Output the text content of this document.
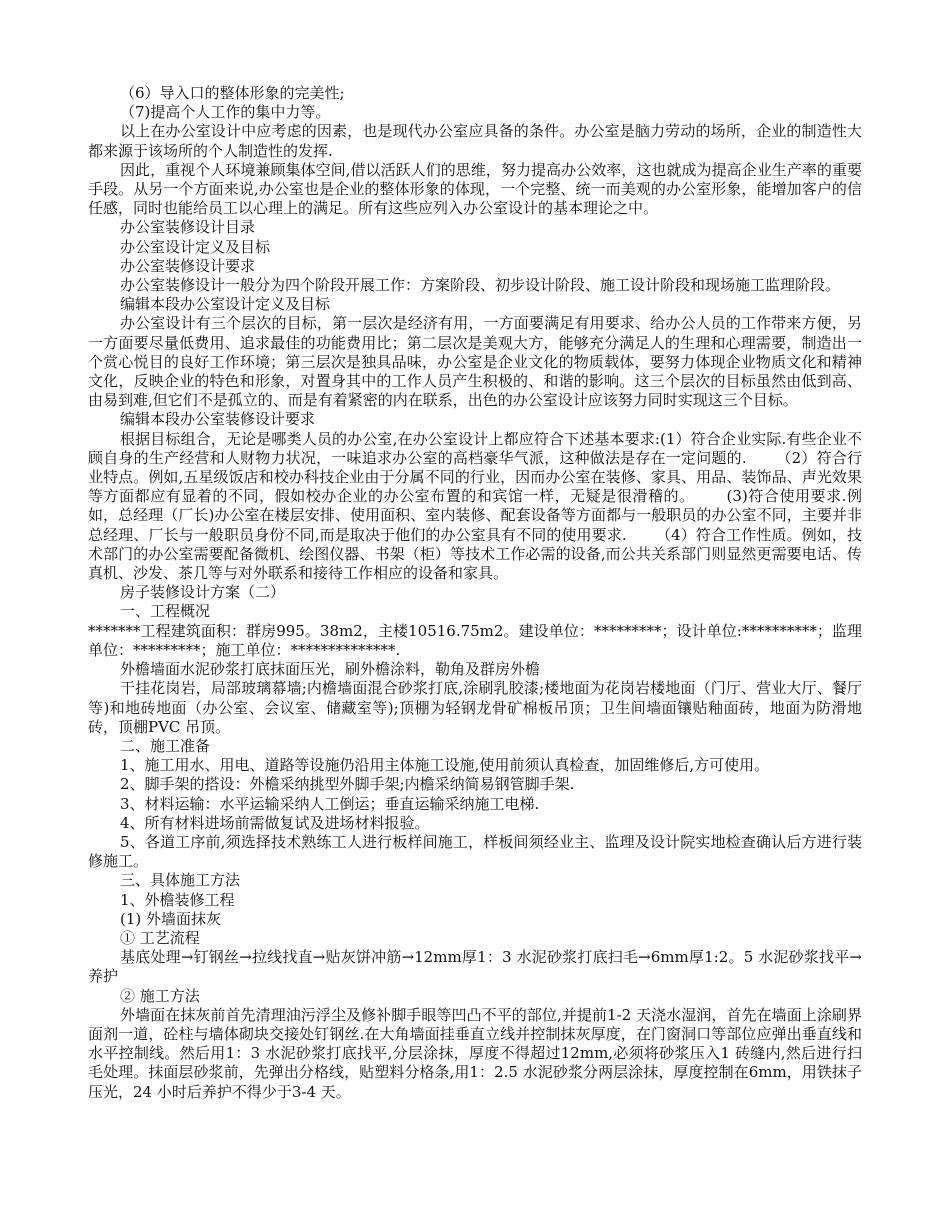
（6）导入口的整体形象的完美性;

（7)提高个人工作的集中力等。

以上在办公室设计中应考虑的因素，也是现代办公室应具备的条件。办公室是脑力劳动的场所，企业的制造性大都来源于该场所的个人制造性的发挥.

因此，重视个人环境兼顾集体空间,借以活跃人们的思维，努力提高办公效率，这也就成为提高企业生产率的重要手段。从另一个方面来说,办公室也是企业的整体形象的体现，一个完整、统一而美观的办公室形象，能增加客户的信任感，同时也能给员工以心理上的满足。所有这些应列入办公室设计的基本理论之中。

办公室装修设计目录

办公室设计定义及目标

办公室装修设计要求

办公室装修设计一般分为四个阶段开展工作：方案阶段、初步设计阶段、施工设计阶段和现场施工监理阶段。

编辑本段办公室设计定义及目标

办公室设计有三个层次的目标，第一层次是经济有用，一方面要满足有用要求、给办公人员的工作带来方便，另一方面要尽量低费用、追求最佳的功能费用比；第二层次是美观大方，能够充分满足人的生理和心理需要，制造出一个赏心悦目的良好工作环境；第三层次是独具品味，办公室是企业文化的物质载体，要努力体现企业物质文化和精神文化，反映企业的特色和形象，对置身其中的工作人员产生积极的、和谐的影响。这三个层次的目标虽然由低到高、由易到难,但它们不是孤立的、而是有着紧密的内在联系，出色的办公室设计应该努力同时实现这三个目标。

编辑本段办公室装修设计要求

根据目标组合，无论是哪类人员的办公室,在办公室设计上都应符合下述基本要求:(1）符合企业实际.有些企业不顾自身的生产经营和人财物力状况，一味追求办公室的高档豪华气派，这种做法是存在一定问题的.      （2）符合行业特点。例如,五星级饭店和校办科技企业由于分属不同的行业，因而办公室在装修、家具、用品、装饰品、声光效果等方面都应有显着的不同，假如校办企业的办公室布置的和宾馆一样，无疑是很滑稽的。      (3)符合使用要求.例如，总经理（厂长)办公室在楼层安排、使用面积、室内装修、配套设备等方面都与一般职员的办公室不同，主要并非总经理、厂长与一般职员身份不同,而是取决于他们的办公室具有不同的使用要求.      （4）符合工作性质。例如，技术部门的办公室需要配备微机、绘图仪器、书架（柜）等技术工作必需的设备,而公共关系部门则显然更需要电话、传真机、沙发、茶几等与对外联系和接待工作相应的设备和家具。

房子装修设计方案（二）

一、工程概况

*******工程建筑面积：群房995。38m2，主楼10516.75m2。建设单位：*********；设计单位:**********；监理单位：*********；施工单位：**************.

外檐墙面水泥砂浆打底抹面压光，刷外檐涂料，勒角及群房外檐

干挂花岗岩，局部玻璃幕墙;内檐墙面混合砂浆打底,涂刷乳胶漆;楼地面为花岗岩楼地面（门厅、营业大厅、餐厅等)和地砖地面（办公室、会议室、储藏室等);顶棚为轻钢龙骨矿棉板吊顶；卫生间墙面镶贴釉面砖，地面为防滑地砖，顶棚PVC 吊顶。

二、施工准备

1、施工用水、用电、道路等设施仍沿用主体施工设施,使用前须认真检查，加固维修后,方可使用。

2、脚手架的搭设：外檐采纳挑型外脚手架;内檐采纳简易钢管脚手架.

3、材料运输：水平运输采纳人工倒运；垂直运输采纳施工电梯.

4、所有材料进场前需做复试及进场材料报验。

5、各道工序前,须选择技术熟练工人进行板样间施工，样板间须经业主、监理及设计院实地检查确认后方进行装修施工。

三、具体施工方法

1、外檐装修工程

(1) 外墙面抹灰

① 工艺流程

基底处理→钉钢丝→拉线找直→贴灰饼冲筋→12mm厚1：3 水泥砂浆打底扫毛→6mm厚1:2。5 水泥砂浆找平→养护

② 施工方法

外墙面在抹灰前首先清理油污浮尘及修补脚手眼等凹凸不平的部位,并提前1-2 天浇水湿润，首先在墙面上涂刷界面剂一道，砼柱与墙体砌块交接处钉钢丝.在大角墙面挂垂直立线并控制抹灰厚度，在门窗洞口等部位应弹出垂直线和水平控制线。然后用1：3 水泥砂浆打底找平,分层涂抹，厚度不得超过12mm,必须将砂浆压入1 砖缝内,然后进行扫毛处理。抹面层砂浆前，先弹出分格线，贴塑料分格条,用1：2.5 水泥砂浆分两层涂抹，厚度控制在6mm，用铁抹子压光，24 小时后养护不得少于3-4 天。
